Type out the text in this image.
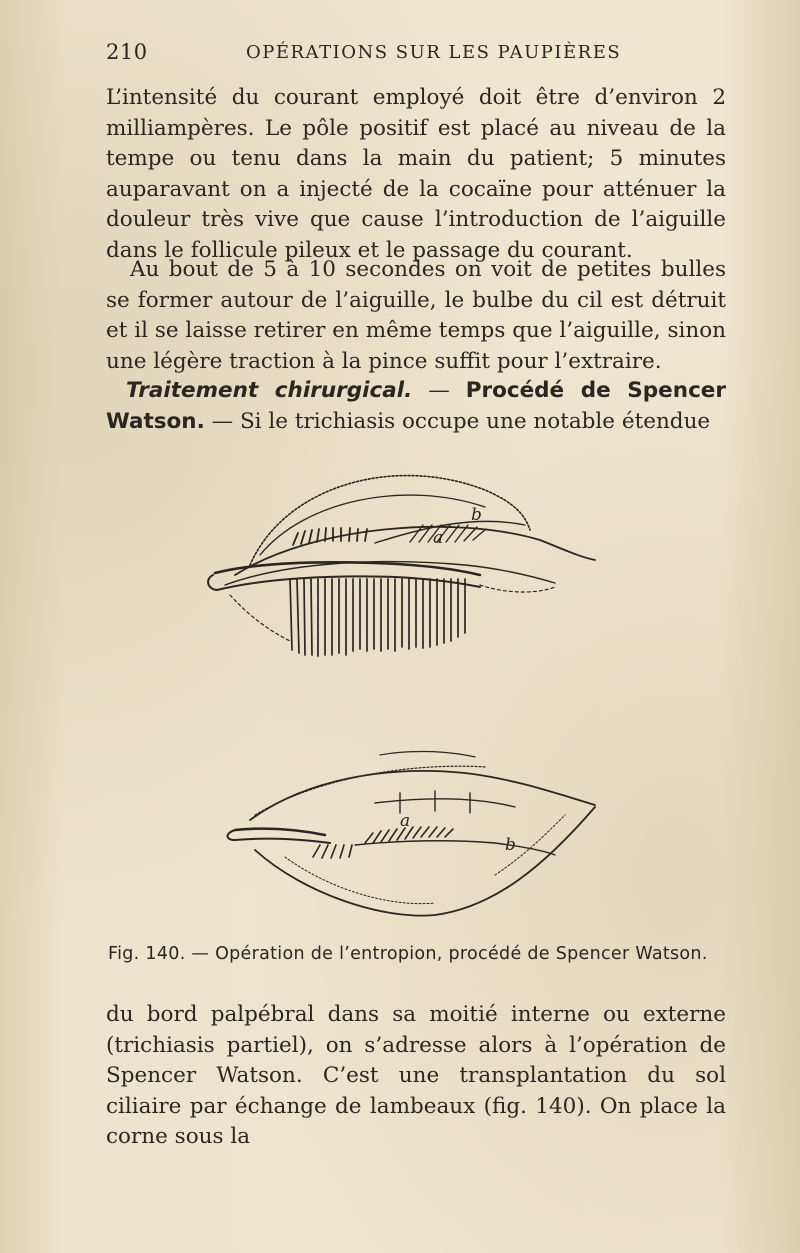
210	OPÉRATIONS SUR LES PAUPIÈRES

L’intensité du courant employé doit être d’environ 2 milliampères. Le pôle positif est placé au niveau de la tempe ou tenu dans la main du patient; 5 minutes auparavant on a injecté de la cocaïne pour atténuer la douleur très vive que cause l’introduction de l’aiguille dans le follicule pileux et le passage du courant.

Au bout de 5 à 10 secondes on voit de petites bulles se former autour de l’aiguille, le bulbe du cil est détruit et il se laisse retirer en même temps que l’aiguille, sinon une légère traction à la pince suffit pour l’extraire.

Traitement chirurgical. — Procédé de Spencer Watson. — Si le trichiasis occupe une notable étendue

a
b
a
b
Fig. 140. — Opération de l’entropion, procédé de Spencer Watson.

du bord palpébral dans sa moitié interne ou externe (trichiasis partiel), on s’adresse alors à l’opération de Spencer Watson. C’est une transplantation du sol ciliaire par échange de lambeaux (fig. 140). On place la corne sous la
